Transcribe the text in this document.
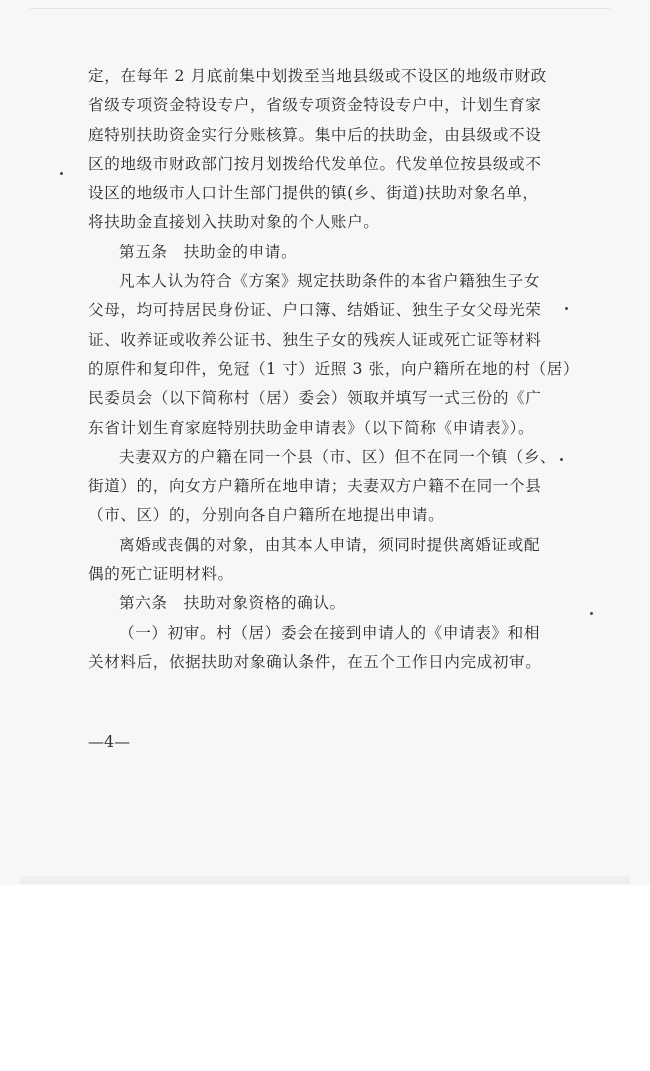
定，在每年 2 月底前集中划拨至当地县级或不设区的地级市财政
省级专项资金特设专户，省级专项资金特设专户中，计划生育家
庭特别扶助资金实行分账核算。集中后的扶助金，由县级或不设
区的地级市财政部门按月划拨给代发单位。代发单位按县级或不
设区的地级市人口计生部门提供的镇(乡、街道)扶助对象名单，
将扶助金直接划入扶助对象的个人账户。
第五条　扶助金的申请。
凡本人认为符合《方案》规定扶助条件的本省户籍独生子女
父母，均可持居民身份证、户口簿、结婚证、独生子女父母光荣
证、收养证或收养公证书、独生子女的残疾人证或死亡证等材料
的原件和复印件，免冠（1 寸）近照 3 张，向户籍所在地的村（居）
民委员会（以下简称村（居）委会）领取并填写一式三份的《广
东省计划生育家庭特别扶助金申请表》（以下简称《申请表》）。
夫妻双方的户籍在同一个县（市、区）但不在同一个镇（乡、
街道）的，向女方户籍所在地申请；夫妻双方户籍不在同一个县
（市、区）的，分别向各自户籍所在地提出申请。
离婚或丧偶的对象，由其本人申请，须同时提供离婚证或配
偶的死亡证明材料。
第六条　扶助对象资格的确认。
（一）初审。村（居）委会在接到申请人的《申请表》和相
关材料后，依据扶助对象确认条件，在五个工作日内完成初审。
—4—
